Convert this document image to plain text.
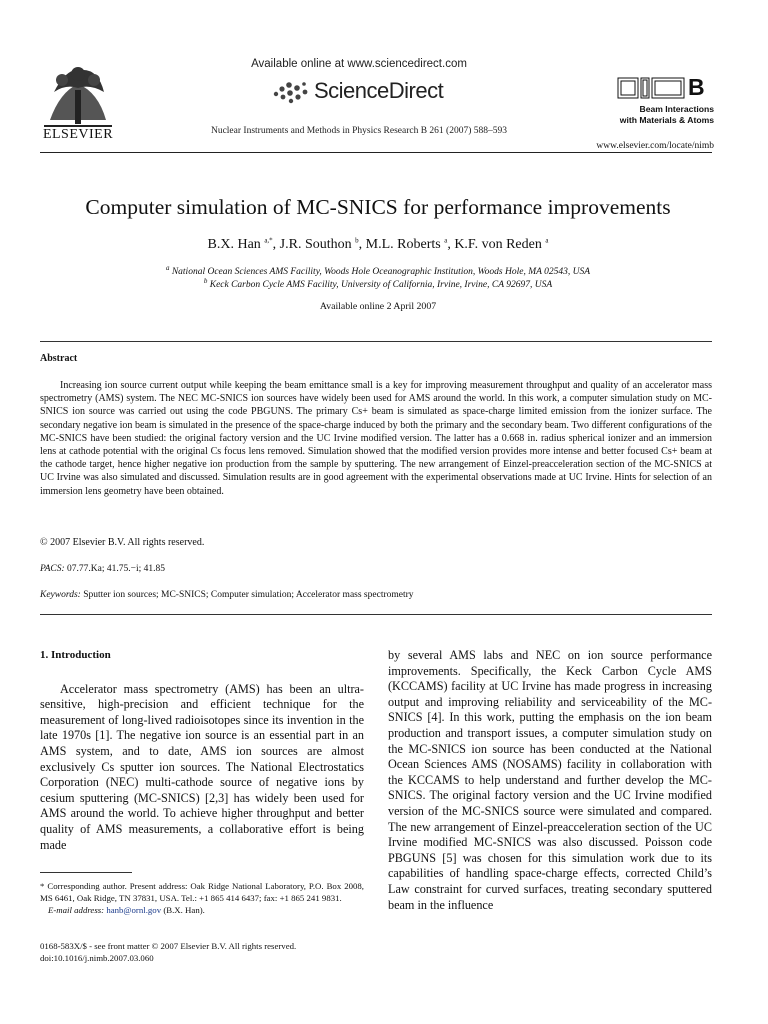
Available online at www.sciencedirect.com
ScienceDirect
Nuclear Instruments and Methods in Physics Research B 261 (2007) 588–593
ELSEVIER
B
Beam Interactions
with Materials & Atoms
www.elsevier.com/locate/nimb
Computer simulation of MC-SNICS for performance improvements
B.X. Han $^{a,*}$, J.R. Southon $^b$, M.L. Roberts $^a$, K.F. von Reden $^a$
$^a$ National Ocean Sciences AMS Facility, Woods Hole Oceanographic Institution, Woods Hole, MA 02543, USA
$^b$ Keck Carbon Cycle AMS Facility, University of California, Irvine, Irvine, CA 92697, USA
Available online 2 April 2007
Abstract

Increasing ion source current output while keeping the beam emittance small is a key for improving measurement throughput and quality of an accelerator mass spectrometry (AMS) system. The NEC MC-SNICS ion sources have widely been used for AMS around the world. In this work, a computer simulation study on MC-SNICS ion source was carried out using the code PBGUNS. The primary Cs+ beam is simulated as space-charge limited emission from the ionizer surface. The secondary negative ion beam is simulated in the presence of the space-charge induced by both the primary and the secondary beam. Two different configurations of the MC-SNICS have been studied: the original factory version and the UC Irvine modified version. The latter has a 0.668 in. radius spherical ionizer and an immersion lens at cathode potential with the original Cs focus lens removed. Simulation showed that the modified version provides more intense and better focused Cs+ beam at the cathode target, hence higher negative ion production from the sample by sputtering. The new arrangement of Einzel-preacceleration section of the MC-SNICS at UC Irvine was also simulated and discussed. Simulation results are in good agreement with the experimental observations made at UC Irvine. Hints for selection of an immersion lens geometry have been obtained.

© 2007 Elsevier B.V. All rights reserved.
PACS: 07.77.Ka; 41.75.−i; 41.85
Keywords: Sputter ion sources; MC-SNICS; Computer simulation; Accelerator mass spectrometry
1. Introduction

Accelerator mass spectrometry (AMS) has been an ultra-sensitive, high-precision and efficient technique for the measurement of long-lived radioisotopes since its invention in the late 1970s [1]. The negative ion source is an essential part in an AMS system, and to date, AMS ion sources are almost exclusively Cs sputter ion sources. The National Electrostatics Corporation (NEC) multi-cathode source of negative ions by cesium sputtering (MC-SNICS) [2,3] has widely been used for AMS around the world. To achieve higher throughput and better quality of AMS measurements, a collaborative effort is being made

by several AMS labs and NEC on ion source performance improvements. Specifically, the Keck Carbon Cycle AMS (KCCAMS) facility at UC Irvine has made progress in increasing output and improving reliability and serviceability of the MC-SNICS [4]. In this work, putting the emphasis on the ion beam production and transport issues, a computer simulation study on the MC-SNICS ion source has been conducted at the National Ocean Sciences AMS (NOSAMS) facility in collaboration with the KCCAMS to help understand and further develop the MC-SNICS. The original factory version and the UC Irvine modified version of the MC-SNICS source were simulated and compared. The new arrangement of Einzel-preacceleration section of the UC Irvine modified MC-SNICS was also discussed. Poisson code PBGUNS [5] was chosen for this simulation work due to its capabilities of handling space-charge effects, corrected Child’s Law constraint for curved surfaces, treating secondary sputtered beam in the influence

* Corresponding author. Present address: Oak Ridge National Laboratory, P.O. Box 2008, MS 6461, Oak Ridge, TN 37831, USA. Tel.: +1 865 414 6437; fax: +1 865 241 9831.
E-mail address: hanb@ornl.gov (B.X. Han).
0168-583X/$ - see front matter © 2007 Elsevier B.V. All rights reserved.
doi:10.1016/j.nimb.2007.03.060
